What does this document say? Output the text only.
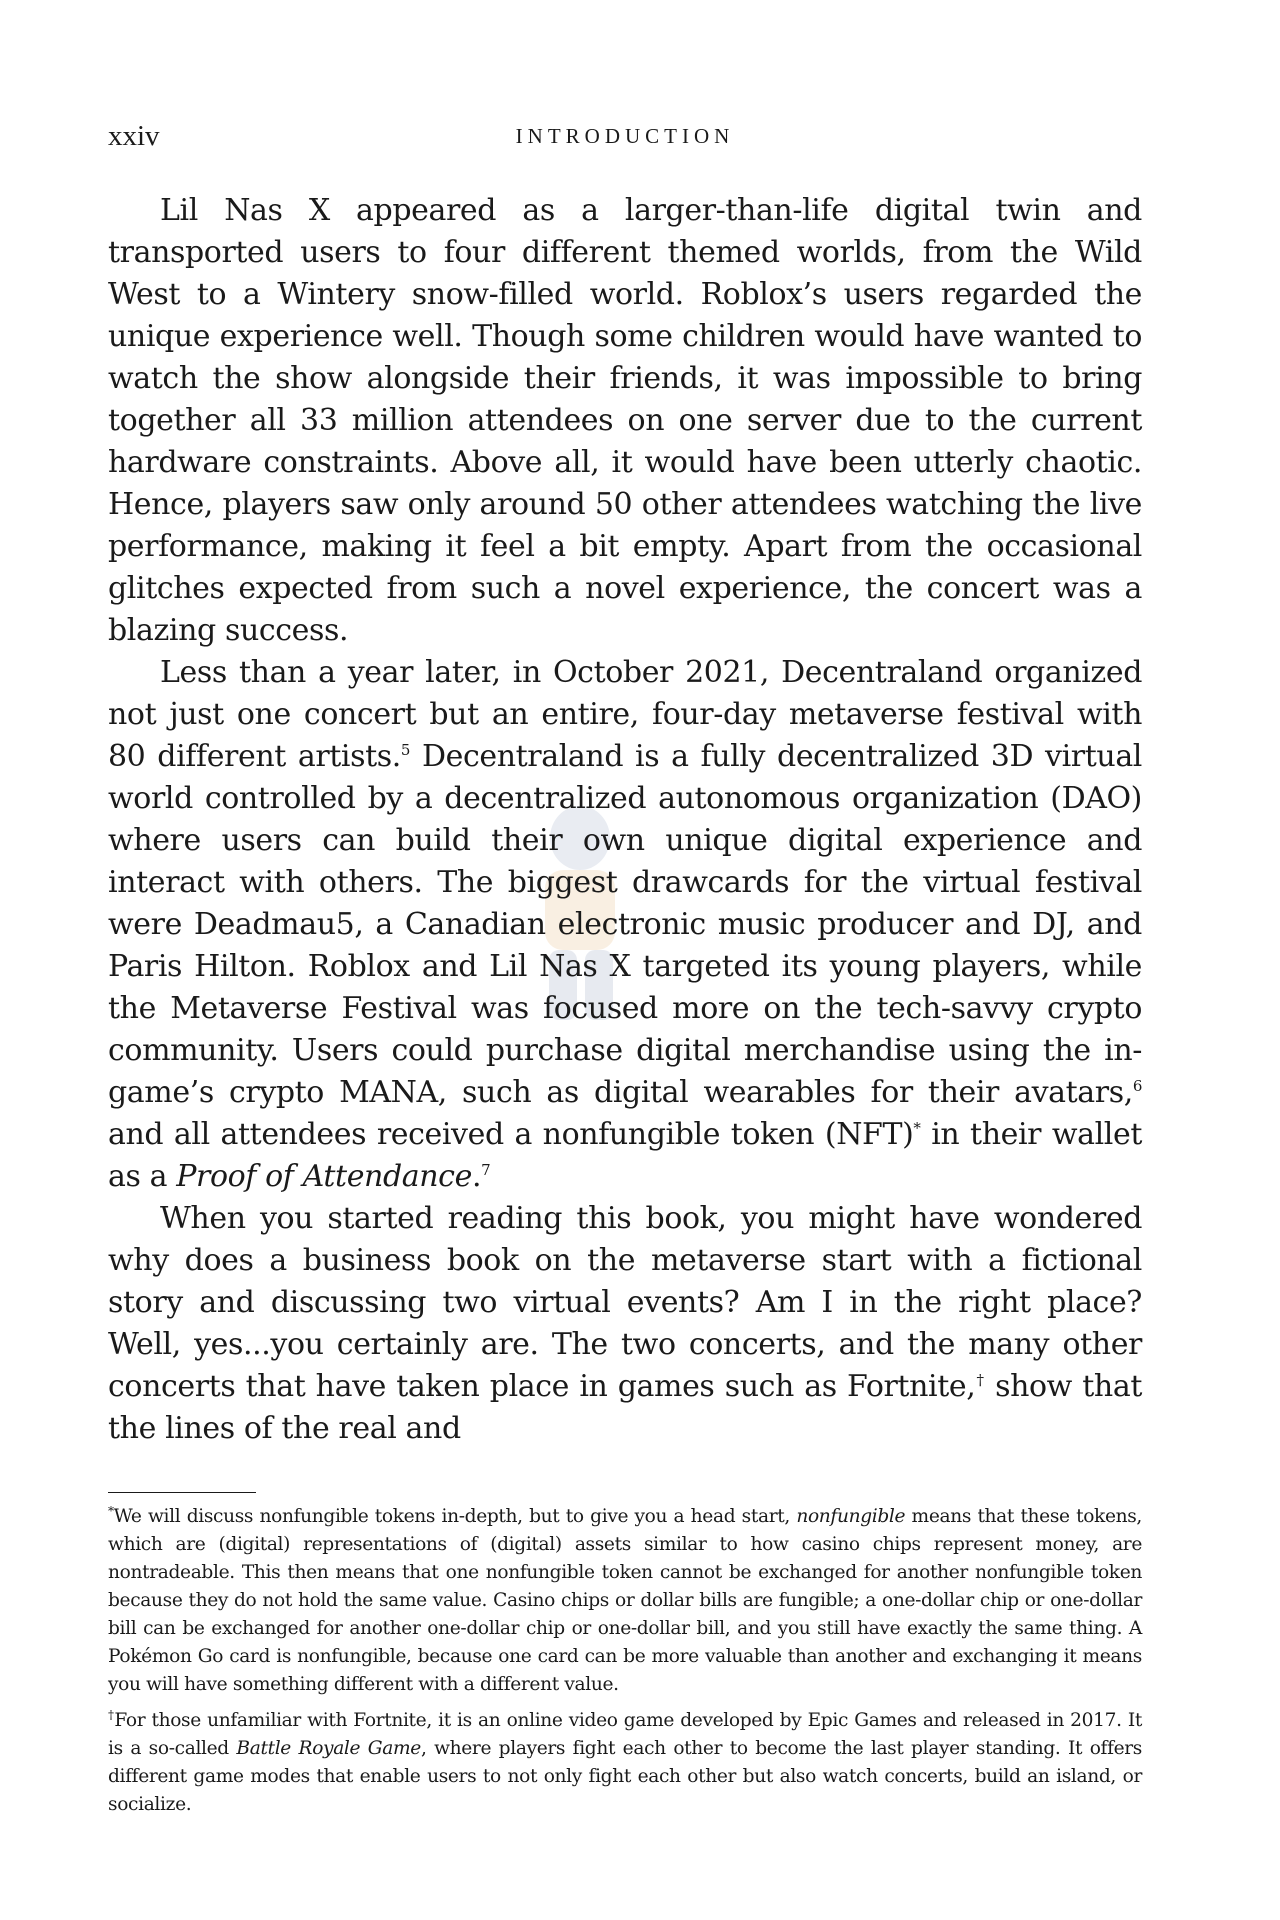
xxiv	INTRODUCTION

Lil Nas X appeared as a larger-than-life digital twin and transported users to four different themed worlds, from the Wild West to a Wintery snow-filled world. Roblox’s users regarded the unique experience well. Though some children would have wanted to watch the show alongside their friends, it was impossible to bring together all 33 million attendees on one server due to the current hardware constraints. Above all, it would have been utterly chaotic. Hence, players saw only around 50 other attendees watching the live performance, making it feel a bit empty. Apart from the occasional glitches expected from such a novel experience, the concert was a blazing success.

Less than a year later, in October 2021, Decentraland organized not just one concert but an entire, four-day metaverse festival with 80 different artists.$^5$ Decentraland is a fully decentralized 3D virtual world controlled by a decentralized autonomous organization (DAO) where users can build their own unique digital experience and interact with others. The biggest drawcards for the virtual festival were Deadmau5, a Canadian electronic music producer and DJ, and Paris Hilton. Roblox and Lil Nas X targeted its young players, while the Metaverse Festival was focused more on the tech-savvy crypto community. Users could purchase digital merchandise using the in-game’s crypto MANA, such as digital wearables for their avatars,$^6$ and all attendees received a nonfungible token (NFT)* in their wallet as a Proof of Attendance.$^7$

When you started reading this book, you might have wondered why does a business book on the metaverse start with a fictional story and discussing two virtual events? Am I in the right place? Well, yes...you certainly are. The two concerts, and the many other concerts that have taken place in games such as Fortnite,† show that the lines of the real and

*We will discuss nonfungible tokens in-depth, but to give you a head start, nonfungible means that these tokens, which are (digital) representations of (digital) assets similar to how casino chips represent money, are nontradeable. This then means that one nonfungible token cannot be exchanged for another nonfungible token because they do not hold the same value. Casino chips or dollar bills are fungible; a one-dollar chip or one-dollar bill can be exchanged for another one-dollar chip or one-dollar bill, and you still have exactly the same thing. A Pokémon Go card is nonfungible, because one card can be more valuable than another and exchanging it means you will have something different with a different value.

†For those unfamiliar with Fortnite, it is an online video game developed by Epic Games and released in 2017. It is a so-called Battle Royale Game, where players fight each other to become the last player standing. It offers different game modes that enable users to not only fight each other but also watch concerts, build an island, or socialize.
